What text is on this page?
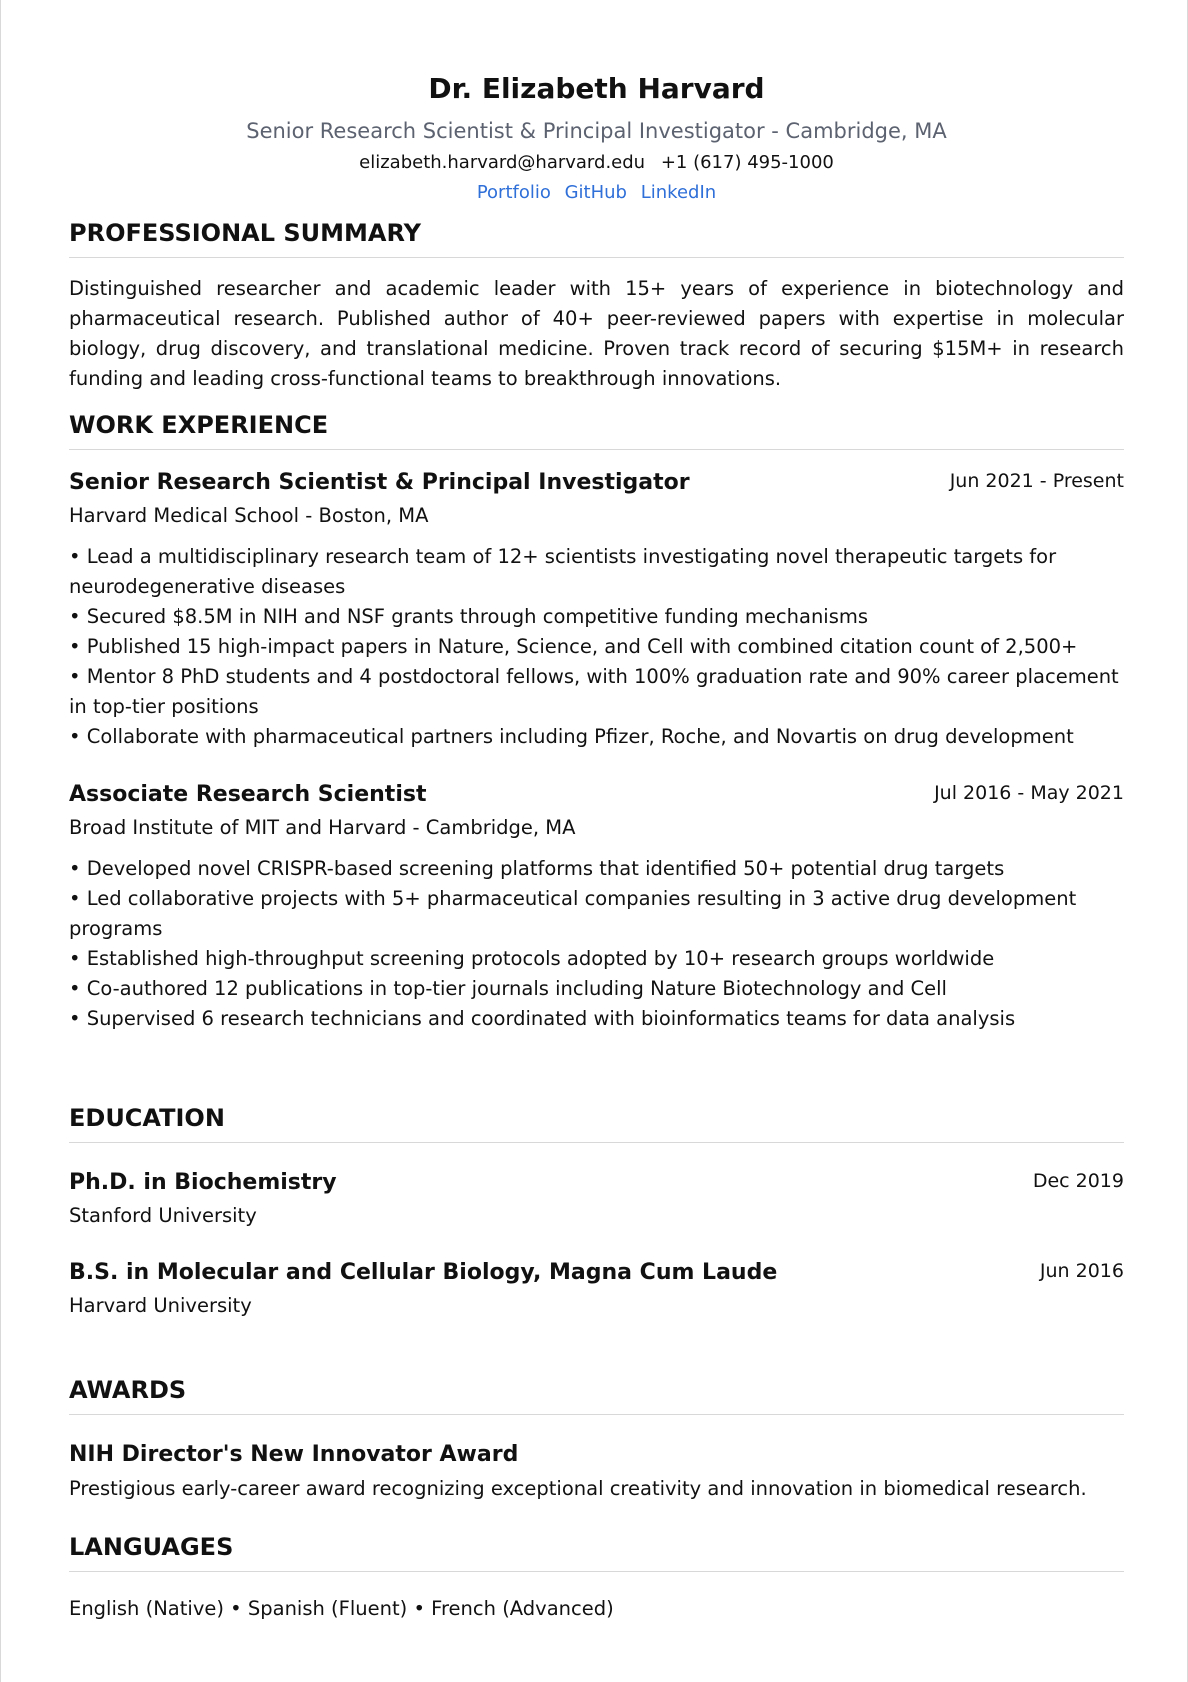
Dr. Elizabeth Harvard
Senior Research Scientist & Principal Investigator - Cambridge, MA
elizabeth.harvard@harvard.edu +1 (617) 495-1000
Portfolio GitHub LinkedIn
PROFESSIONAL SUMMARY
Distinguished researcher and academic leader with 15+ years of experience in biotechnology and pharmaceutical research. Published author of 40+ peer-reviewed papers with expertise in molecular biology, drug discovery, and translational medicine. Proven track record of securing $15M+ in research funding and leading cross-functional teams to breakthrough innovations.
WORK EXPERIENCE
Senior Research Scientist & Principal Investigator	Jun 2021 - Present
Harvard Medical School - Boston, MA
• Lead a multidisciplinary research team of 12+ scientists investigating novel therapeutic targets for neurodegenerative diseases
• Secured $8.5M in NIH and NSF grants through competitive funding mechanisms
• Published 15 high-impact papers in Nature, Science, and Cell with combined citation count of 2,500+
• Mentor 8 PhD students and 4 postdoctoral fellows, with 100% graduation rate and 90% career placement in top-tier positions
• Collaborate with pharmaceutical partners including Pfizer, Roche, and Novartis on drug development
Associate Research Scientist	Jul 2016 - May 2021
Broad Institute of MIT and Harvard - Cambridge, MA
• Developed novel CRISPR-based screening platforms that identified 50+ potential drug targets
• Led collaborative projects with 5+ pharmaceutical companies resulting in 3 active drug development programs
• Established high-throughput screening protocols adopted by 10+ research groups worldwide
• Co-authored 12 publications in top-tier journals including Nature Biotechnology and Cell
• Supervised 6 research technicians and coordinated with bioinformatics teams for data analysis
EDUCATION
Ph.D. in Biochemistry	Dec 2019
Stanford University
B.S. in Molecular and Cellular Biology, Magna Cum Laude	Jun 2016
Harvard University
AWARDS
NIH Director's New Innovator Award
Prestigious early-career award recognizing exceptional creativity and innovation in biomedical research.
LANGUAGES
English (Native) • Spanish (Fluent) • French (Advanced)
